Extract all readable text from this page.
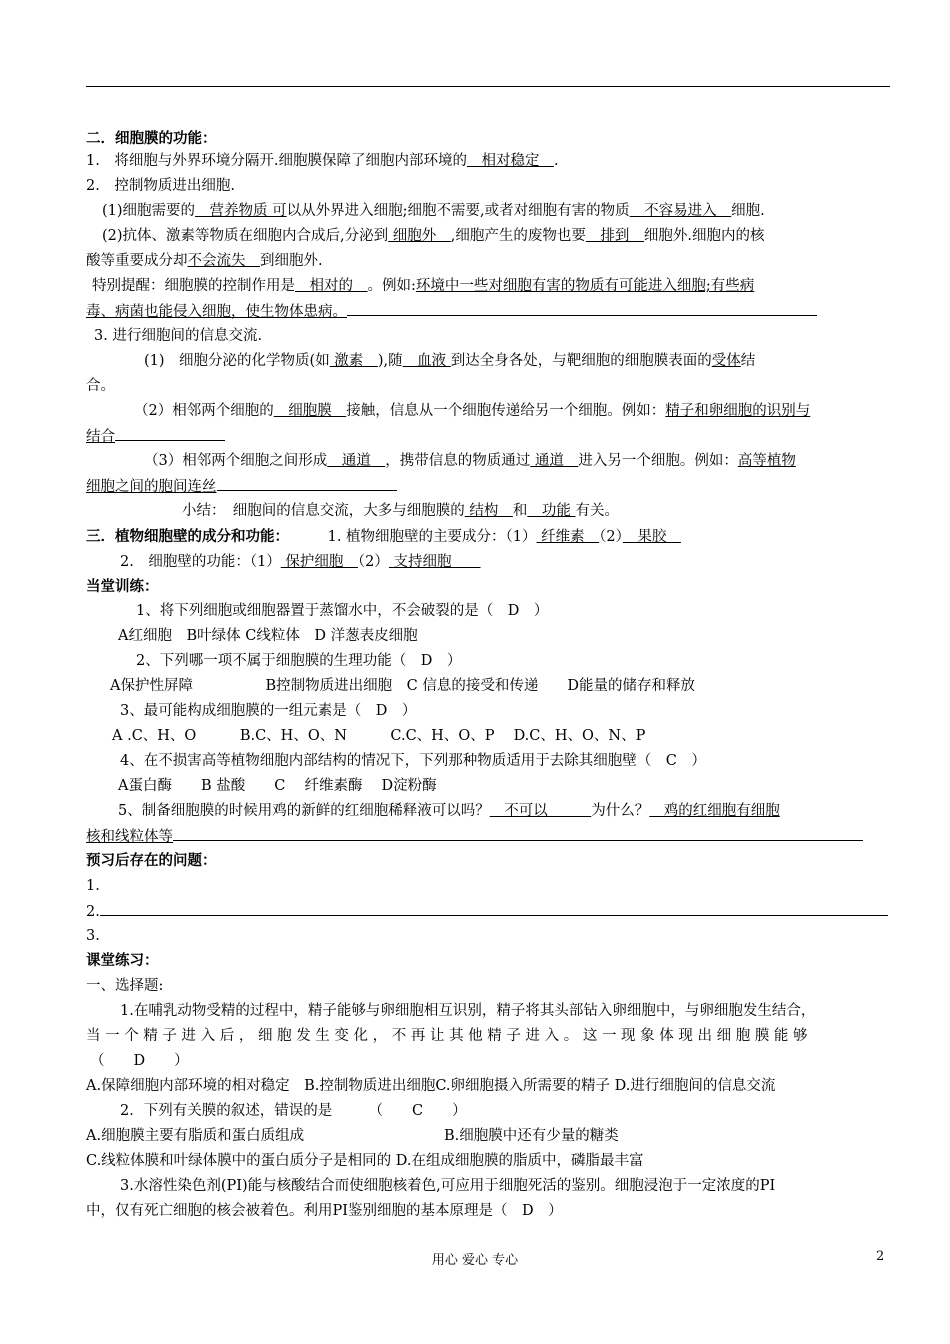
二．细胞膜的功能：
1.　将细胞与外界环境分隔开.细胞膜保障了细胞内部环境的　相对稳定　.
2.　控制物质进出细胞.
(1)细胞需要的　营养物质 可以从外界进入细胞;细胞不需要,或者对细胞有害的物质　不容易进入　细胞.
(2)抗体、激素等物质在细胞内合成后,分泌到 细胞外　,细胞产生的废物也要　排到　细胞外.细胞内的核
酸等重要成分却不会流失　到细胞外.
特别提醒：细胞膜的控制作用是　相对的　。例如:环境中一些对细胞有害的物质有可能进入细胞;有些病
毒、病菌也能侵入细胞，使生物体患病。
3. 进行细胞间的信息交流.
(1)　细胞分泌的化学物质(如 激素　),随　血液 到达全身各处，与靶细胞的细胞膜表面的受体结
合。
（2）相邻两个细胞的　细胞膜　接触，信息从一个细胞传递给另一个细胞。例如：精子和卵细胞的识别与
结合
（3）相邻两个细胞之间形成　通道　，携带信息的物质通过 通道　进入另一个细胞。例如：高等植物
细胞之间的胞间连丝
小结：　细胞间的信息交流，大多与细胞膜的 结构　和　功能 有关。
三．植物细胞壁的成分和功能：	1. 植物细胞壁的主要成分：（1） 纤维素　（2）　果胶　
2.　细胞壁的功能：（1） 保护细胞　（2） 支持细胞　　
当堂训练：
1、将下列细胞或细胞器置于蒸馏水中，不会破裂的是（　D　）
A红细胞　B叶绿体 C线粒体　D 洋葱表皮细胞
2、下列哪一项不属于细胞膜的生理功能（　D　）
A保护性屏障　　　　　B控制物质进出细胞　C 信息的接受和传递　　D能量的储存和释放
3、最可能构成细胞膜的一组元素是（　D　）
A .C、H、O　　　B.C、H、O、N　　　C.C、H、O、P　 D.C、H、O、N、P
4、在不损害高等植物细胞内部结构的情况下，下列那种物质适用于去除其细胞壁（　C　）
A蛋白酶　　B 盐酸　　C　 纤维素酶　 D淀粉酶
5、制备细胞膜的时候用鸡的新鲜的红细胞稀释液可以吗？　不可以　　　为什么？　鸡的红细胞有细胞
核和线粒体等
预习后存在的问题：
1.
2.
3.
课堂练习：
一、选择题:
1.在哺乳动物受精的过程中，精子能够与卵细胞相互识别，精子将其头部钻入卵细胞中，与卵细胞发生结合，
当 一 个 精 子 进 入 后 ， 细 胞 发 生 变 化 ， 不 再 让 其 他 精 子 进 入 。 这 一 现 象 体 现 出 细 胞 膜 能 够
（　　D　　）
A.保障细胞内部环境的相对稳定　B.控制物质进出细胞C.卵细胞摄入所需要的精子 D.进行细胞间的信息交流
2．下列有关膜的叙述，错误的是　　　（　　C　　）
A.细胞膜主要有脂质和蛋白质组成	B.细胞膜中还有少量的糖类
C.线粒体膜和叶绿体膜中的蛋白质分子是相同的 D.在组成细胞膜的脂质中，磷脂最丰富
3.水溶性染色剂(PI)能与核酸结合而使细胞核着色,可应用于细胞死活的鉴别。细胞浸泡于一定浓度的PI
中，仅有死亡细胞的核会被着色。利用PI鉴别细胞的基本原理是（　D　）
用心 爱心 专心	2
